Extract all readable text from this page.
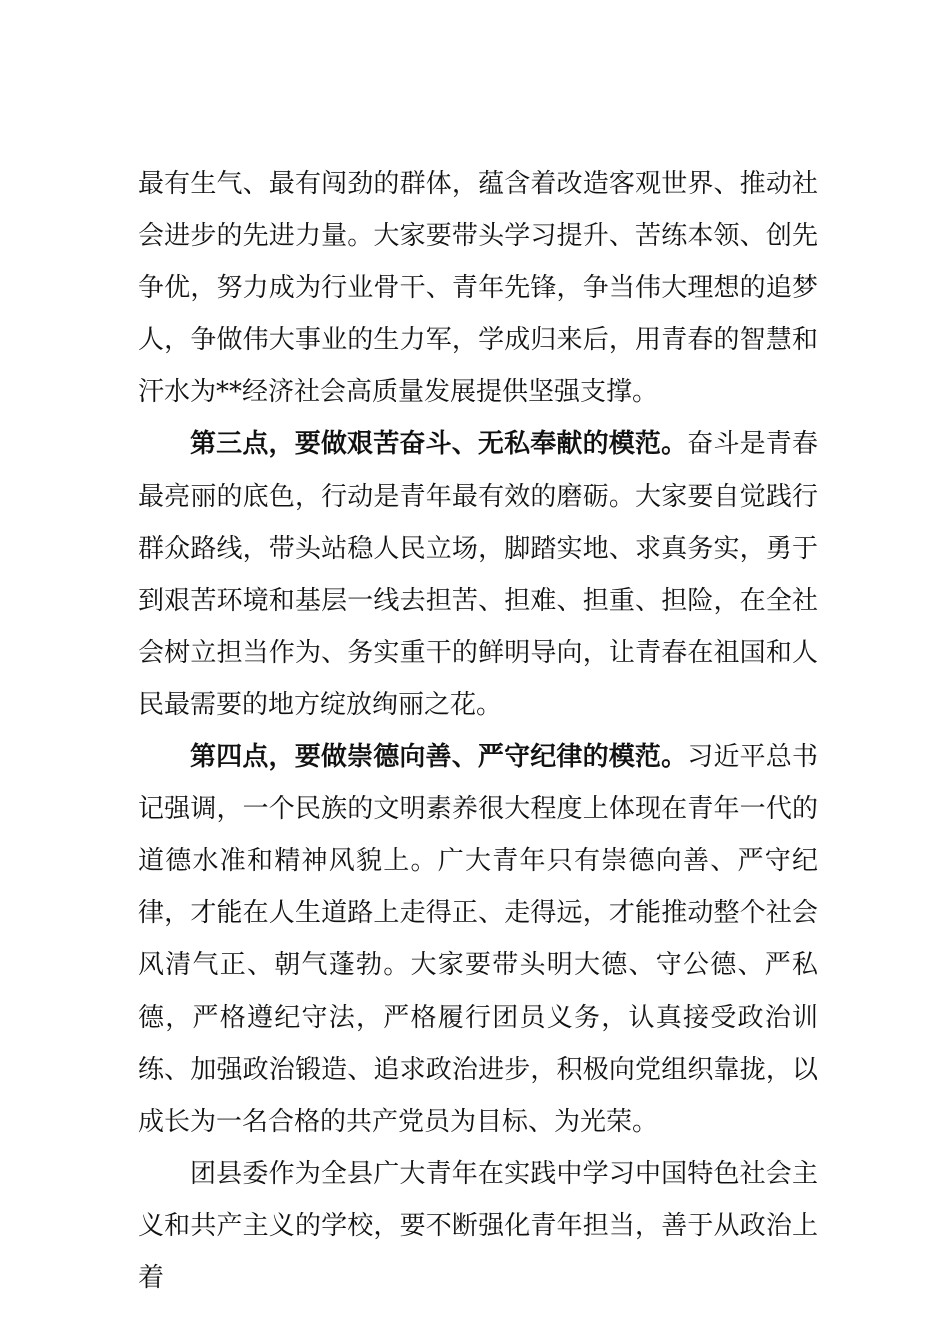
最有生气、最有闯劲的群体，蕴含着改造客观世界、推动社会进步的先进力量。大家要带头学习提升、苦练本领、创先争优，努力成为行业骨干、青年先锋，争当伟大理想的追梦人，争做伟大事业的生力军，学成归来后，用青春的智慧和汗水为**经济社会高质量发展提供坚强支撑。

第三点，要做艰苦奋斗、无私奉献的模范。奋斗是青春最亮丽的底色，行动是青年最有效的磨砺。大家要自觉践行群众路线，带头站稳人民立场，脚踏实地、求真务实，勇于到艰苦环境和基层一线去担苦、担难、担重、担险，在全社会树立担当作为、务实重干的鲜明导向，让青春在祖国和人民最需要的地方绽放绚丽之花。

第四点，要做崇德向善、严守纪律的模范。习近平总书记强调，一个民族的文明素养很大程度上体现在青年一代的道德水准和精神风貌上。广大青年只有崇德向善、严守纪律，才能在人生道路上走得正、走得远，才能推动整个社会风清气正、朝气蓬勃。大家要带头明大德、守公德、严私德，严格遵纪守法，严格履行团员义务，认真接受政治训练、加强政治锻造、追求政治进步，积极向党组织靠拢，以成长为一名合格的共产党员为目标、为光荣。

团县委作为全县广大青年在实践中学习中国特色社会主义和共产主义的学校，要不断强化青年担当，善于从政治上着
